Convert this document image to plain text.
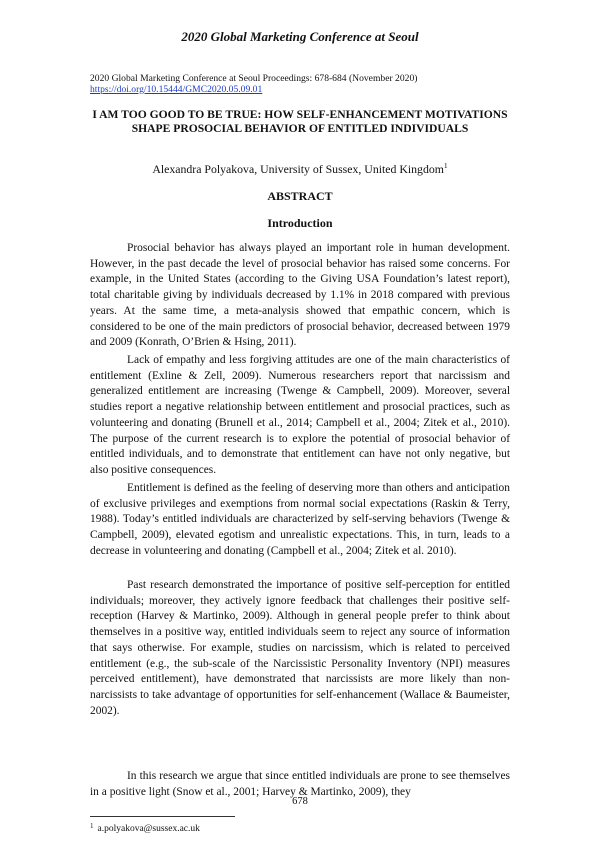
2020 Global Marketing Conference at Seoul
2020 Global Marketing Conference at Seoul Proceedings: 678-684 (November 2020)
https://doi.org/10.15444/GMC2020.05.09.01
I AM TOO GOOD TO BE TRUE: HOW SELF-ENHANCEMENT MOTIVATIONS SHAPE PROSOCIAL BEHAVIOR OF ENTITLED INDIVIDUALS
Alexandra Polyakova, University of Sussex, United Kingdom$^1$
ABSTRACT
Introduction

Prosocial behavior has always played an important role in human development. However, in the past decade the level of prosocial behavior has raised some concerns. For example, in the United States (according to the Giving USA Foundation’s latest report), total charitable giving by individuals decreased by 1.1% in 2018 compared with previous years. At the same time, a meta-analysis showed that empathic concern, which is considered to be one of the main predictors of prosocial behavior, decreased between 1979 and 2009 (Konrath, O’Brien & Hsing, 2011).

Lack of empathy and less forgiving attitudes are one of the main characteristics of entitlement (Exline & Zell, 2009). Numerous researchers report that narcissism and generalized entitlement are increasing (Twenge & Campbell, 2009). Moreover, several studies report a negative relationship between entitlement and prosocial practices, such as volunteering and donating (Brunell et al., 2014; Campbell et al., 2004; Zitek et al., 2010). The purpose of the current research is to explore the potential of prosocial behavior of entitled individuals, and to demonstrate that entitlement can have not only negative, but also positive consequences.

Entitlement is defined as the feeling of deserving more than others and anticipation of exclusive privileges and exemptions from normal social expectations (Raskin & Terry, 1988). Today’s entitled individuals are characterized by self-serving behaviors (Twenge & Campbell, 2009), elevated egotism and unrealistic expectations. This, in turn, leads to a decrease in volunteering and donating (Campbell et al., 2004; Zitek et al. 2010).

Past research demonstrated the importance of positive self-perception for entitled individuals; moreover, they actively ignore feedback that challenges their positive self-reception (Harvey & Martinko, 2009). Although in general people prefer to think about themselves in a positive way, entitled individuals seem to reject any source of information that says otherwise. For example, studies on narcissism, which is related to perceived entitlement (e.g., the sub-scale of the Narcissistic Personality Inventory (NPI) measures perceived entitlement), have demonstrated that narcissists are more likely than non-narcissists to take advantage of opportunities for self-enhancement (Wallace & Baumeister, 2002).

In this research we argue that since entitled individuals are prone to see themselves in a positive light (Snow et al., 2001; Harvey & Martinko, 2009), they

678
$^1$ a.polyakova@sussex.ac.uk
